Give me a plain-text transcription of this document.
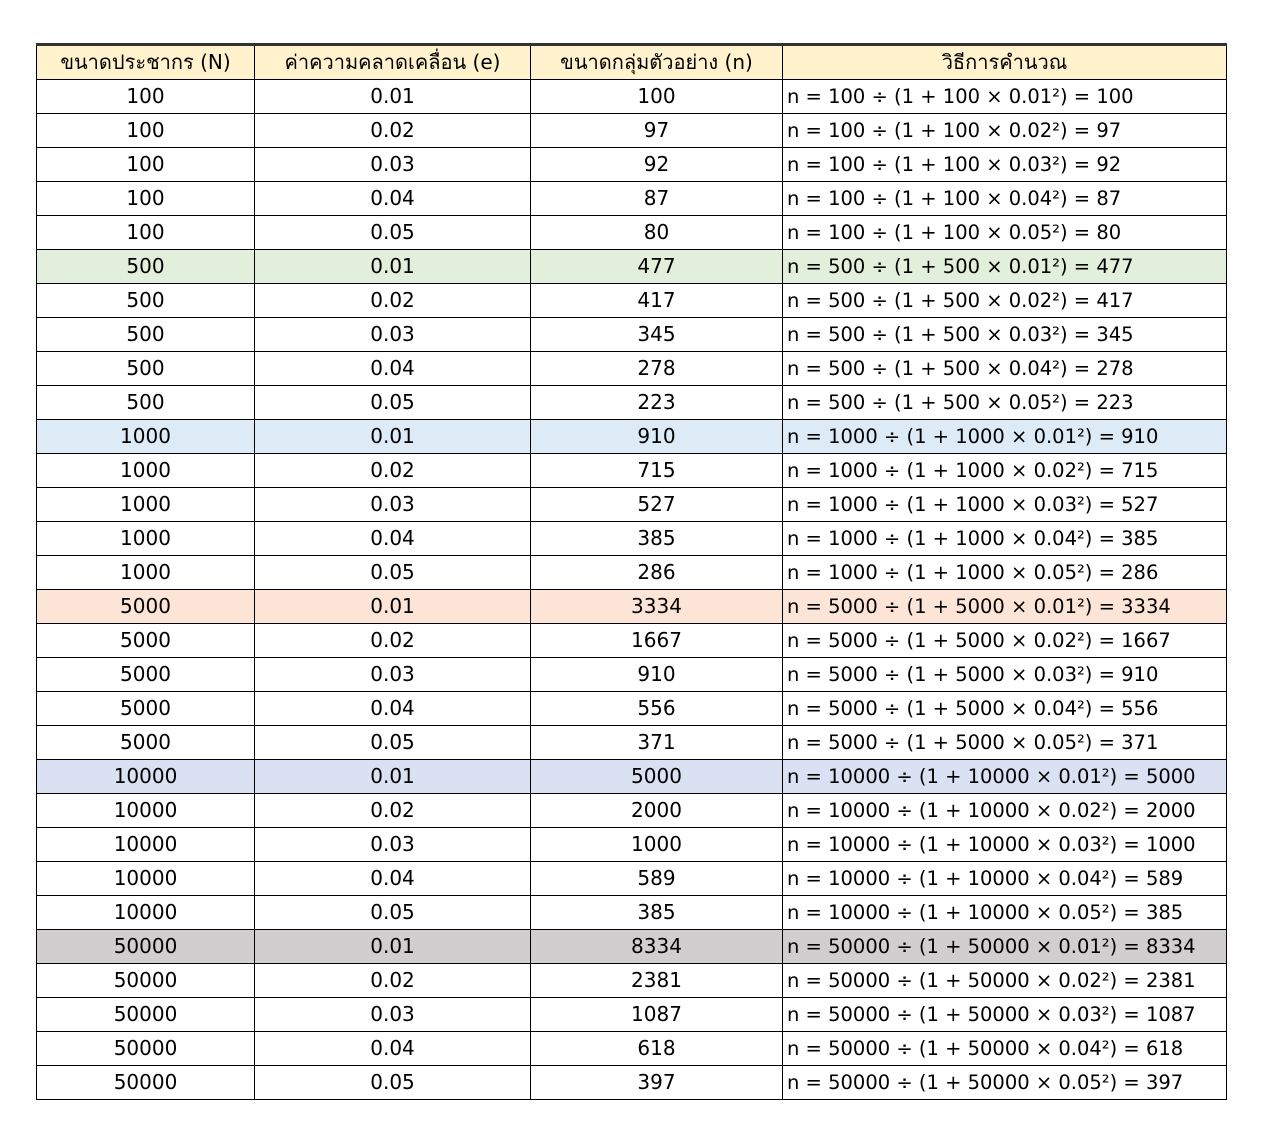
ขนาดประชากร (N)	ค่าความคลาดเคลื่อน (e)	ขนาดกลุ่มตัวอย่าง (n)	วิธีการคำนวณ
100	0.01	100	n = 100 ÷ (1 + 100 × 0.01²) = 100
100	0.02	97	n = 100 ÷ (1 + 100 × 0.02²) = 97
100	0.03	92	n = 100 ÷ (1 + 100 × 0.03²) = 92
100	0.04	87	n = 100 ÷ (1 + 100 × 0.04²) = 87
100	0.05	80	n = 100 ÷ (1 + 100 × 0.05²) = 80
500	0.01	477	n = 500 ÷ (1 + 500 × 0.01²) = 477
500	0.02	417	n = 500 ÷ (1 + 500 × 0.02²) = 417
500	0.03	345	n = 500 ÷ (1 + 500 × 0.03²) = 345
500	0.04	278	n = 500 ÷ (1 + 500 × 0.04²) = 278
500	0.05	223	n = 500 ÷ (1 + 500 × 0.05²) = 223
1000	0.01	910	n = 1000 ÷ (1 + 1000 × 0.01²) = 910
1000	0.02	715	n = 1000 ÷ (1 + 1000 × 0.02²) = 715
1000	0.03	527	n = 1000 ÷ (1 + 1000 × 0.03²) = 527
1000	0.04	385	n = 1000 ÷ (1 + 1000 × 0.04²) = 385
1000	0.05	286	n = 1000 ÷ (1 + 1000 × 0.05²) = 286
5000	0.01	3334	n = 5000 ÷ (1 + 5000 × 0.01²) = 3334
5000	0.02	1667	n = 5000 ÷ (1 + 5000 × 0.02²) = 1667
5000	0.03	910	n = 5000 ÷ (1 + 5000 × 0.03²) = 910
5000	0.04	556	n = 5000 ÷ (1 + 5000 × 0.04²) = 556
5000	0.05	371	n = 5000 ÷ (1 + 5000 × 0.05²) = 371
10000	0.01	5000	n = 10000 ÷ (1 + 10000 × 0.01²) = 5000
10000	0.02	2000	n = 10000 ÷ (1 + 10000 × 0.02²) = 2000
10000	0.03	1000	n = 10000 ÷ (1 + 10000 × 0.03²) = 1000
10000	0.04	589	n = 10000 ÷ (1 + 10000 × 0.04²) = 589
10000	0.05	385	n = 10000 ÷ (1 + 10000 × 0.05²) = 385
50000	0.01	8334	n = 50000 ÷ (1 + 50000 × 0.01²) = 8334
50000	0.02	2381	n = 50000 ÷ (1 + 50000 × 0.02²) = 2381
50000	0.03	1087	n = 50000 ÷ (1 + 50000 × 0.03²) = 1087
50000	0.04	618	n = 50000 ÷ (1 + 50000 × 0.04²) = 618
50000	0.05	397	n = 50000 ÷ (1 + 50000 × 0.05²) = 397
